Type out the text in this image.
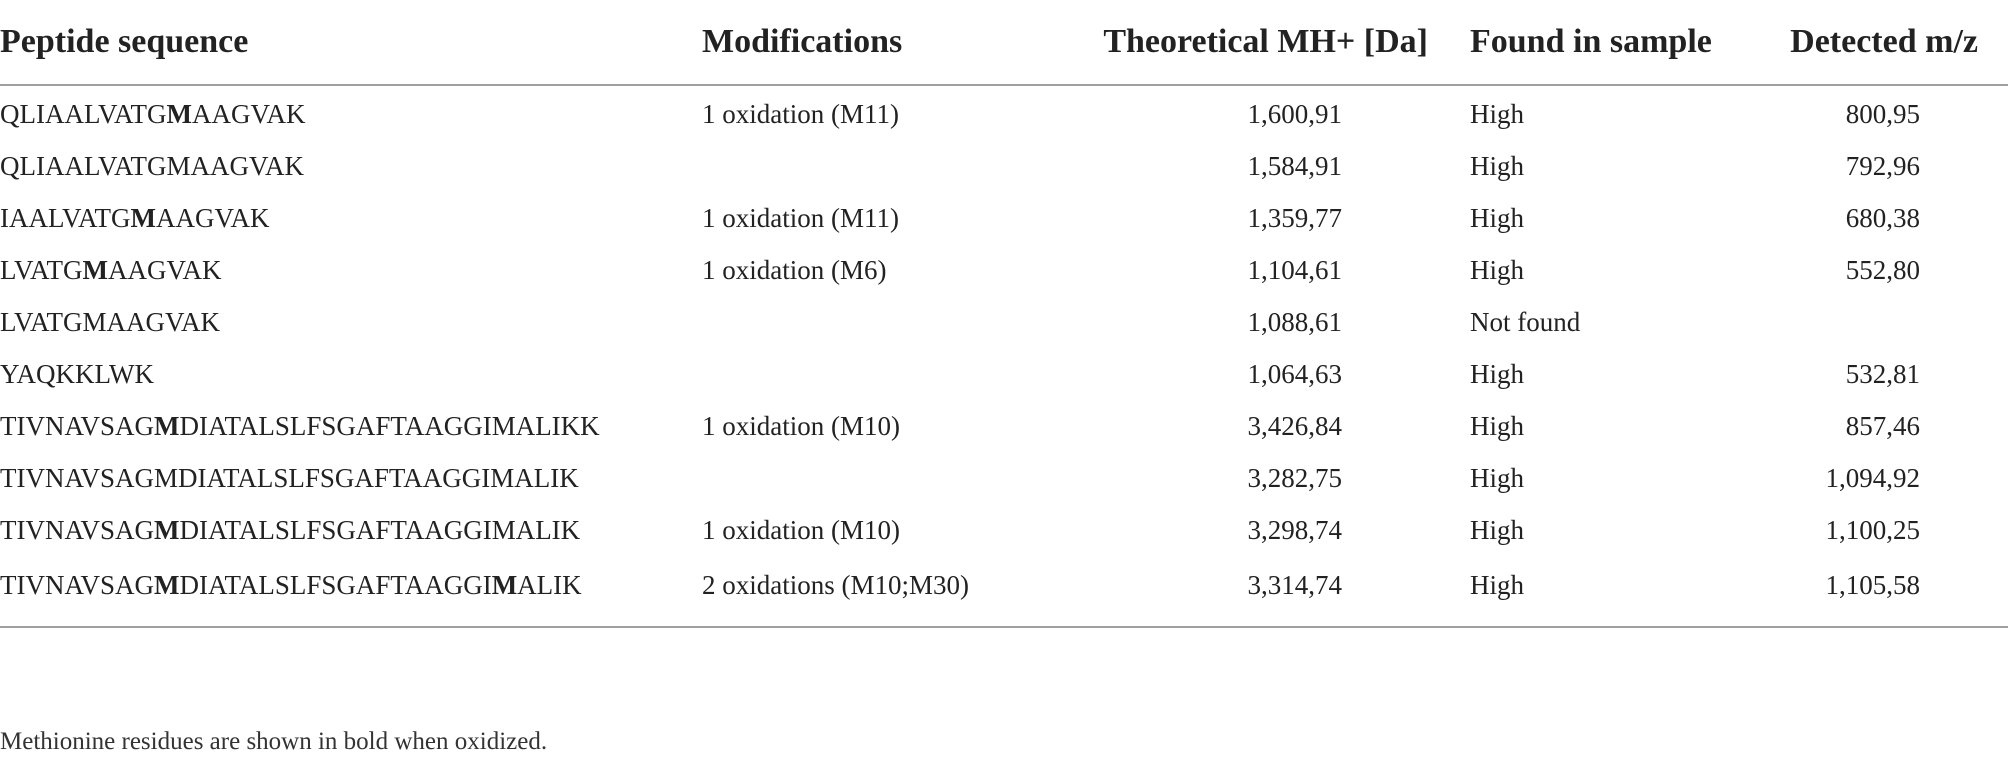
Peptide sequence	Modifications	Theoretical MH+ [Da]	Found in sample	Detected m/z
QLIAALVATGMAAGVAK	1 oxidation (M11)	1,600,91	High	800,95
QLIAALVATGMAAGVAK		1,584,91	High	792,96
IAALVATGMAAGVAK	1 oxidation (M11)	1,359,77	High	680,38
LVATGMAAGVAK	1 oxidation (M6)	1,104,61	High	552,80
LVATGMAAGVAK		1,088,61	Not found	
YAQKKLWK		1,064,63	High	532,81
TIVNAVSAGMDIATALSLFSGAFTAAGGIMALIKK	1 oxidation (M10)	3,426,84	High	857,46
TIVNAVSAGMDIATALSLFSGAFTAAGGIMALIK		3,282,75	High	1,094,92
TIVNAVSAGMDIATALSLFSGAFTAAGGIMALIK	1 oxidation (M10)	3,298,74	High	1,100,25
TIVNAVSAGMDIATALSLFSGAFTAAGGIMALIK	2 oxidations (M10;M30)	3,314,74	High	1,105,58
Methionine residues are shown in bold when oxidized.
